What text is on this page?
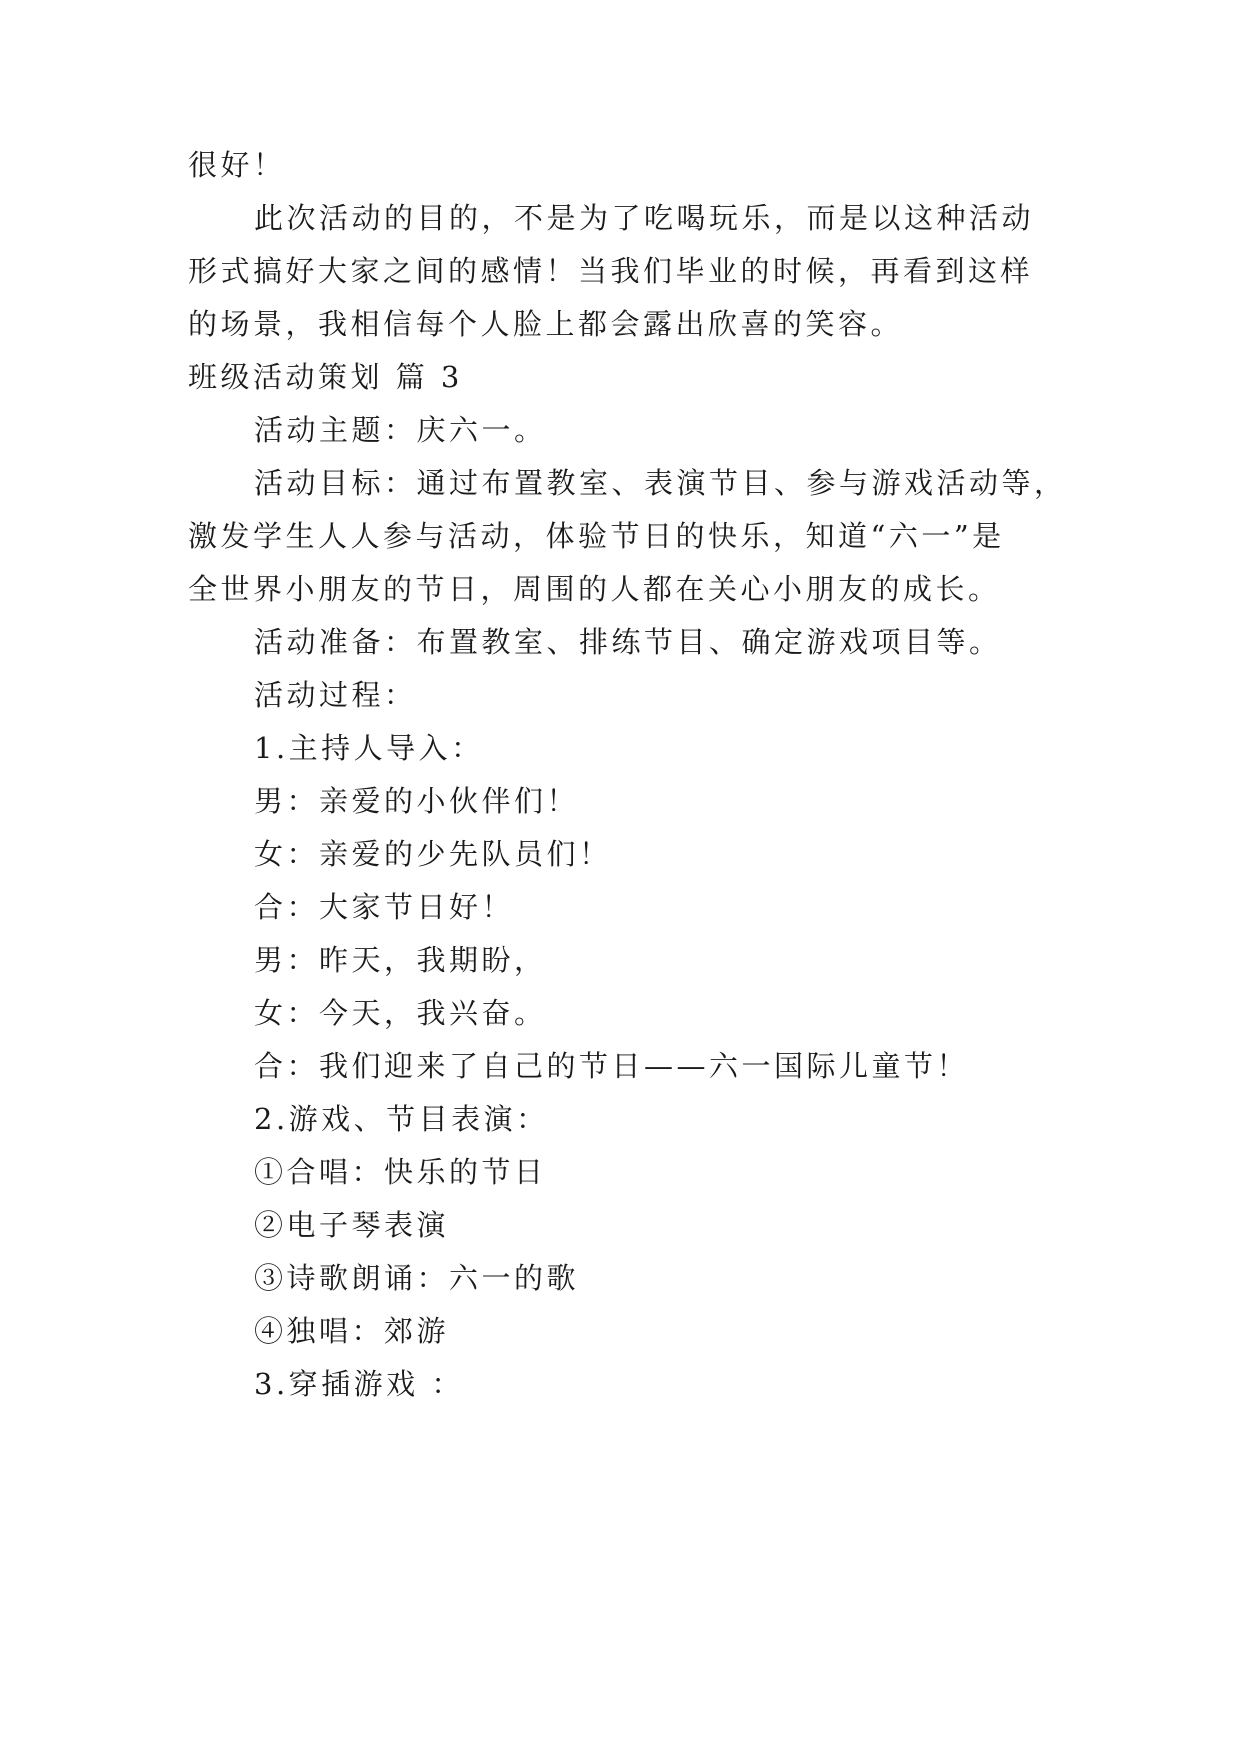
很好！
此次活动的目的，不是为了吃喝玩乐，而是以这种活动
形式搞好大家之间的感情！当我们毕业的时候，再看到这样
的场景，我相信每个人脸上都会露出欣喜的笑容。
班级活动策划 篇 3
活动主题：庆六一。
活动目标：通过布置教室、表演节目、参与游戏活动等，
激发学生人人参与活动，体验节日的快乐，知道“六一”是
全世界小朋友的节日，周围的人都在关心小朋友的成长。
活动准备：布置教室、排练节目、确定游戏项目等。
活动过程：
1.主持人导入：
男：亲爱的小伙伴们！
女：亲爱的少先队员们！
合：大家节日好！
男：昨天，我期盼，
女：今天，我兴奋。
合：我们迎来了自己的节日——六一国际儿童节！
2.游戏、节目表演：
①合唱：快乐的节日
②电子琴表演
③诗歌朗诵：六一的歌
④独唱：郊游
3.穿插游戏 ：
